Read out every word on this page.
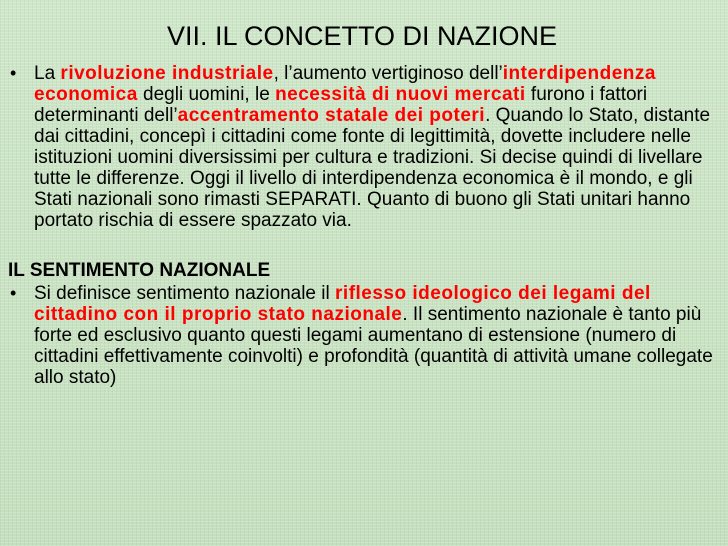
VII. IL CONCETTO DI NAZIONE
• La rivoluzione industriale, l’aumento vertiginoso dell’interdipendenza economica degli uomini, le necessità di nuovi mercati furono i fattori determinanti dell’accentramento statale dei poteri. Quando lo Stato, distante dai cittadini, concepì i cittadini come fonte di legittimità, dovette includere nelle istituzioni uomini diversissimi per cultura e tradizioni. Si decise quindi di livellare tutte le differenze. Oggi il livello di interdipendenza economica è il mondo, e gli Stati nazionali sono rimasti SEPARATI. Quanto di buono gli Stati unitari hanno portato rischia di essere spazzato via.
IL SENTIMENTO NAZIONALE
• Si definisce sentimento nazionale il riflesso ideologico dei legami del cittadino con il proprio stato nazionale. Il sentimento nazionale è tanto più forte ed esclusivo quanto questi legami aumentano di estensione (numero di cittadini effettivamente coinvolti) e profondità (quantità di attività umane collegate allo stato)
